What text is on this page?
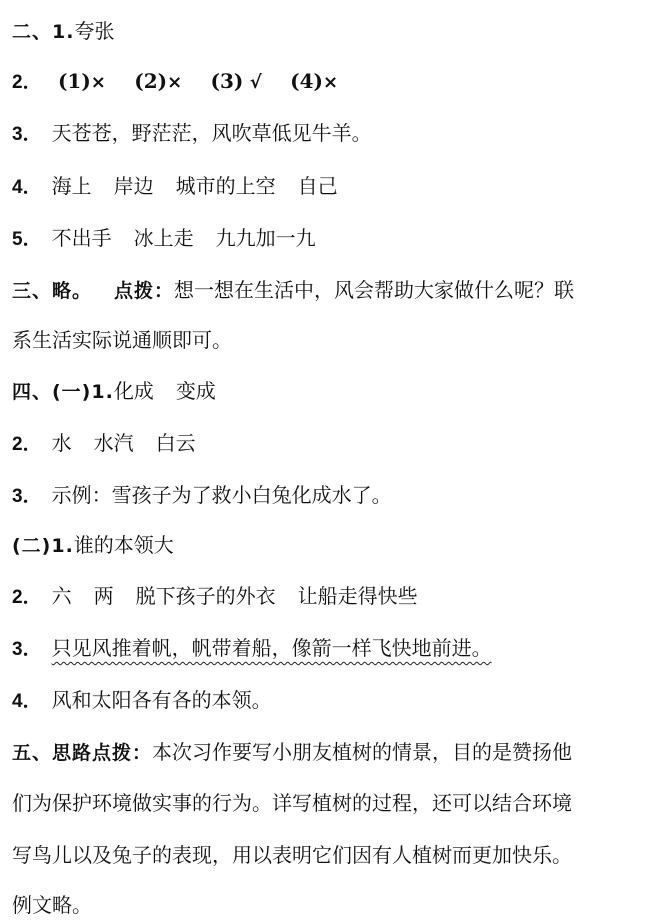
二、1.夸张
2． (1)× (2)× (3) √ (4)×
3． 天苍苍，野茫茫，风吹草低见牛羊。
4． 海上 岸边 城市的上空 自己
5． 不出手 冰上走 九九加一九
三、略。 点拨：想一想在生活中，风会帮助大家做什么呢？联
系生活实际说通顺即可。
四、(一)1.化成 变成
2． 水 水汽 白云
3． 示例：雪孩子为了救小白兔化成水了。
(二)1.谁的本领大
2． 六 两 脱下孩子的外衣 让船走得快些
3． 只见风推着帆，帆带着船，像箭一样飞快地前进。
4． 风和太阳各有各的本领。
五、思路点拨：本次习作要写小朋友植树的情景，目的是赞扬他
们为保护环境做实事的行为。详写植树的过程，还可以结合环境
写鸟儿以及兔子的表现，用以表明它们因有人植树而更加快乐。
例文略。
